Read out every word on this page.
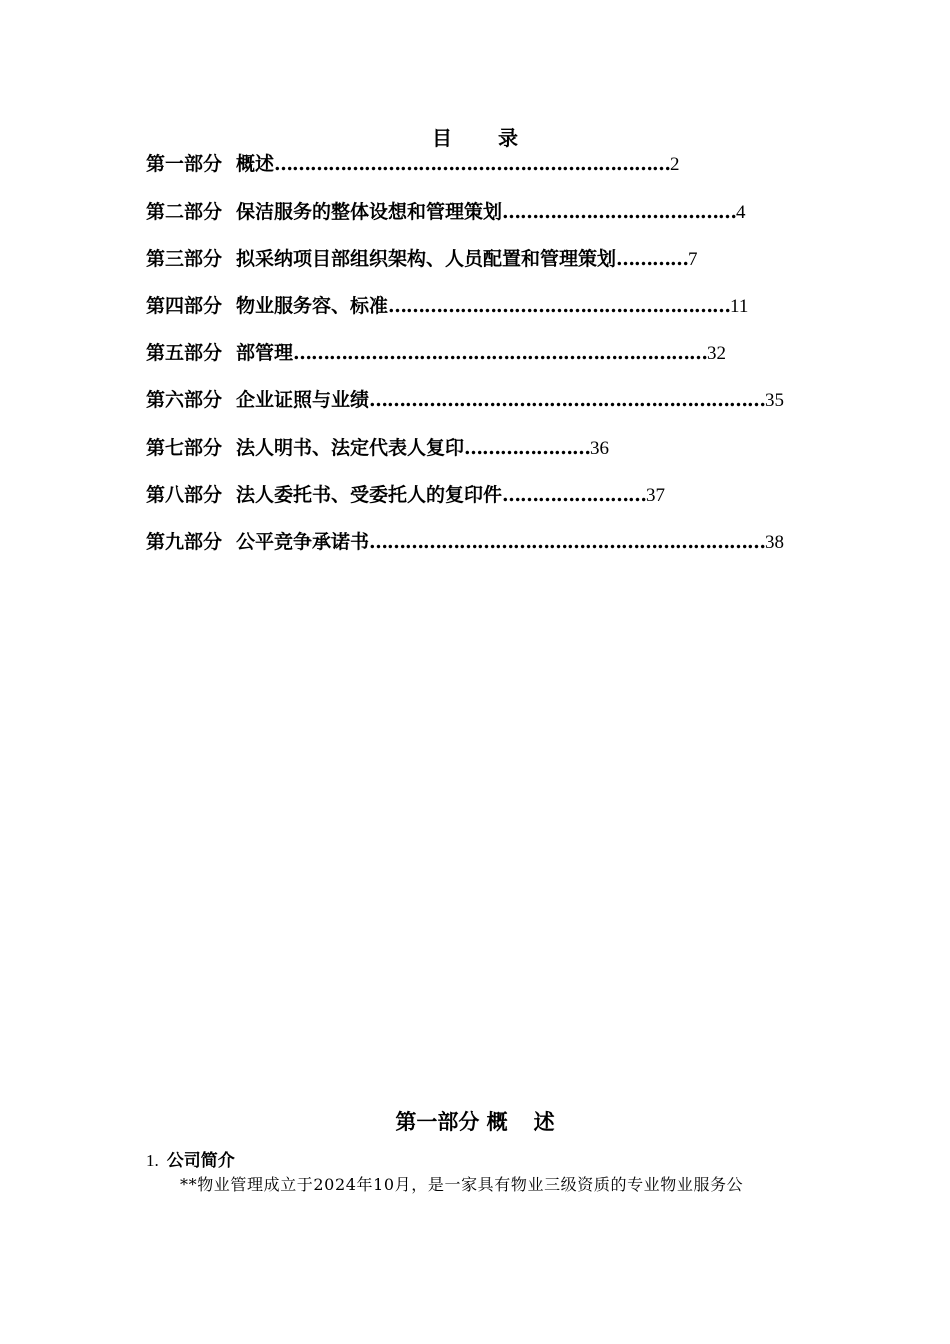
目 录
第一部分 概述 ………………………………………………………… 2
第二部分 保洁服务的整体设想和管理策划 ………………………………… 4
第三部分 拟采纳项目部组织架构、人员配置和管理策划 ………… 7
第四部分 物业服务容、标准 ………………………………………………… 11
第五部分 部管理 …………………………………………………………… 32
第六部分 企业证照与业绩 ………………………………………………………… 35
第七部分 法人明书、法定代表人复印 ………………… 36
第八部分 法人委托书、受委托人的复印件 …………………… 37
第九部分 公平竞争承诺书 ………………………………………………………… 38
第一部分 概 述
1. 公司简介
**物业管理成立于2024年10月，是一家具有物业三级资质的专业物业服务公
